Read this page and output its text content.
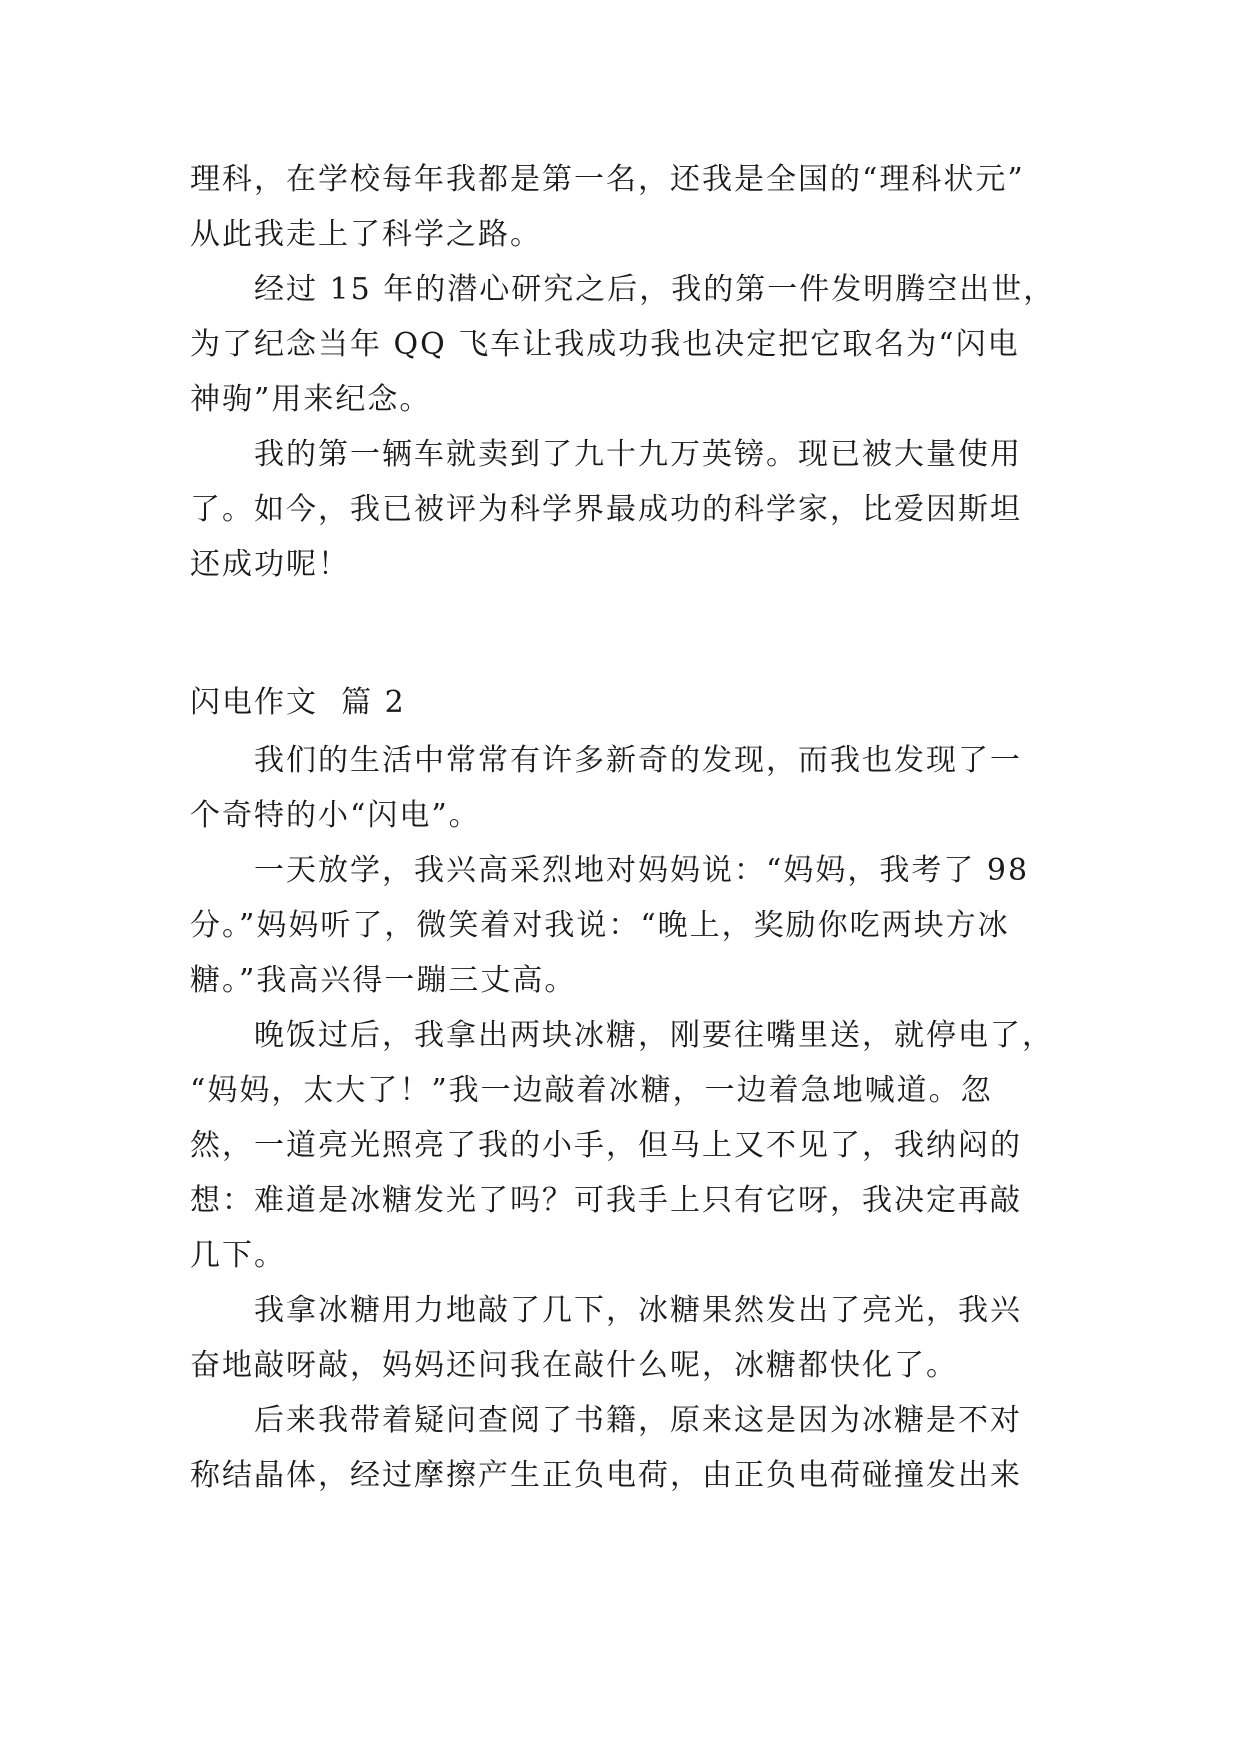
理科，在学校每年我都是第一名，还我是全国的“理科状元”
从此我走上了科学之路。
　　经过 15 年的潜心研究之后，我的第一件发明腾空出世，
为了纪念当年 QQ 飞车让我成功我也决定把它取名为“闪电
神驹”用来纪念。
　　我的第一辆车就卖到了九十九万英镑。现已被大量使用
了。如今，我已被评为科学界最成功的科学家，比爱因斯坦
还成功呢！
闪电作文  篇 2
　　我们的生活中常常有许多新奇的发现，而我也发现了一
个奇特的小“闪电”。
　　一天放学，我兴高采烈地对妈妈说：“妈妈，我考了 98
分。”妈妈听了，微笑着对我说：“晚上，奖励你吃两块方冰
糖。”我高兴得一蹦三丈高。
　　晚饭过后，我拿出两块冰糖，刚要往嘴里送，就停电了，
“妈妈，太大了！”我一边敲着冰糖，一边着急地喊道。忽
然，一道亮光照亮了我的小手，但马上又不见了，我纳闷的
想：难道是冰糖发光了吗？可我手上只有它呀，我决定再敲
几下。
　　我拿冰糖用力地敲了几下，冰糖果然发出了亮光，我兴
奋地敲呀敲，妈妈还问我在敲什么呢，冰糖都快化了。
　　后来我带着疑问查阅了书籍，原来这是因为冰糖是不对
称结晶体，经过摩擦产生正负电荷，由正负电荷碰撞发出来
